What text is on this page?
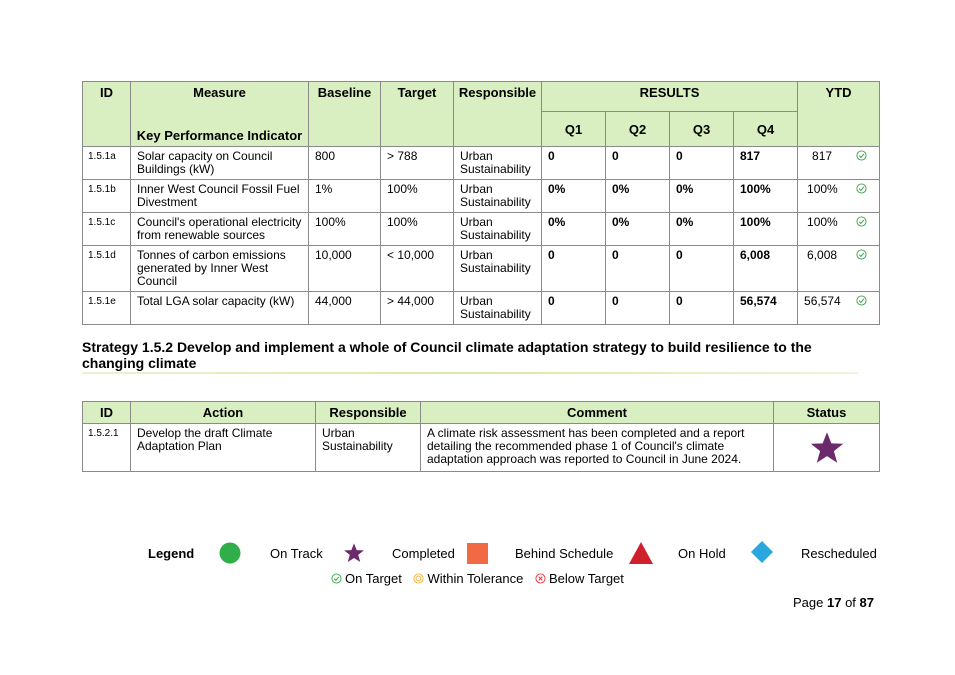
ID	Measure	Baseline	Target	Responsible	RESULTS				YTD
	Key Performance Indicator				Q1	Q2	Q3	Q4	
1.5.1a	Solar capacity on Council Buildings (kW)	800	> 788	Urban Sustainability	0	0	0	817	817
1.5.1b	Inner West Council Fossil Fuel Divestment	1%	100%	Urban Sustainability	0%	0%	0%	100%	100%
1.5.1c	Council's operational electricity from renewable sources	100%	100%	Urban Sustainability	0%	0%	0%	100%	100%
1.5.1d	Tonnes of carbon emissions generated by Inner West Council	10,000	< 10,000	Urban Sustainability	0	0	0	6,008	6,008
1.5.1e	Total LGA solar capacity (kW)	44,000	> 44,000	Urban Sustainability	0	0	0	56,574	56,574
Strategy 1.5.2 Develop and implement a whole of Council climate adaptation strategy to build resilience to the changing climate
ID	Action	Responsible	Comment	Status
1.5.2.1	Develop the draft Climate Adaptation Plan	Urban Sustainability	A climate risk assessment has been completed and a report detailing the recommended phase 1 of Council's climate adaptation approach was reported to Council in June 2024.	
Legend	On Track	Completed	Behind Schedule	On Hold	Rescheduled
On Target Within Tolerance Below Target
Page 17 of 87
